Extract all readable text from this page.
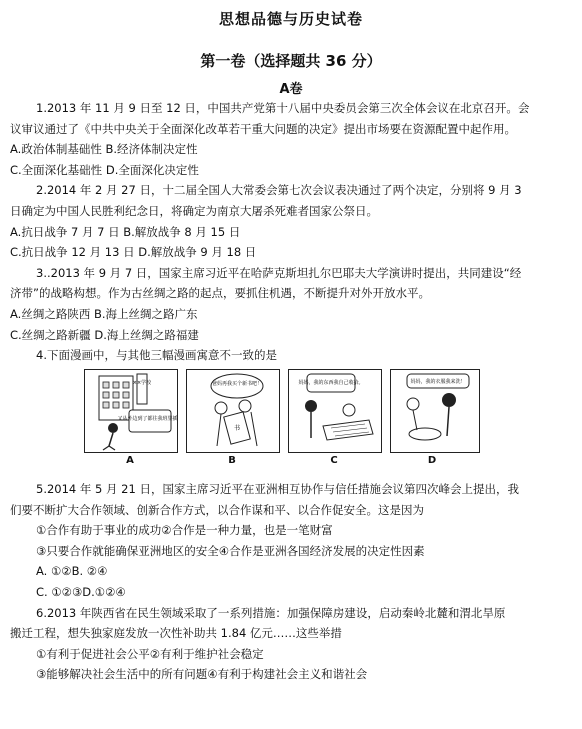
思想品德与历史试卷
第一卷（选择题共 36 分）
A卷

1.2013 年 11 月 9 日至 12 日，中国共产党第十八届中央委员会第三次全体会议在北京召开。会

议审议通过了《中共中央关于全面深化改革若干重大问题的决定》提出市场要在资源配置中起作用。

A.政治体制基础性 B.经济体制决定性

C.全面深化基础性 D.全面深化决定性

2.2014 年 2 月 27 日，十二届全国人大常委会第七次会议表决通过了两个决定，分别将 9 月 3

日确定为中国人民胜利纪念日，将确定为南京大屠杀死难者国家公祭日。

A.抗日战争 7 月 7 日 B.解放战争 8 月 15 日

C.抗日战争 12 月 13 日 D.解放战争 9 月 18 日

3..2013 年 9 月 7 日，国家主席习近平在哈萨克斯坦扎尔巴耶夫大学演讲时提出，共同建设“经

济带”的战略构想。作为古丝绸之路的起点，要抓住机遇，不断提升对外开放水平。

A.丝绸之路陕西 B.海上丝绸之路广东

C.丝绸之路新疆 D.海上丝绸之路福建

4.下面漫画中，与其他三幅漫画寓意不一致的是

××学校
又从外边到了都往我班里插呀
A
爸妈再我买个新书吧！
书
B
妈妈，我的东西我自己收拾。
C
妈妈，我的衣服我来洗！
D

5.2014 年 5 月 21 日，国家主席习近平在亚洲相互协作与信任措施会议第四次峰会上提出，我

们要不断扩大合作领域、创新合作方式，以合作谋和平、以合作促安全。这是因为

①合作有助于事业的成功②合作是一种力量，也是一笔财富

③只要合作就能确保亚洲地区的安全④合作是亚洲各国经济发展的决定性因素

A. ①②B. ②④

C. ①②③D.①②④

6.2013 年陕西省在民生领域采取了一系列措施：加强保障房建设，启动秦岭北麓和渭北旱原

搬迁工程，想失独家庭发放一次性补助共 1.84 亿元……这些举措

①有利于促进社会公平②有利于维护社会稳定

③能够解决社会生活中的所有问题④有利于构建社会主义和谐社会
